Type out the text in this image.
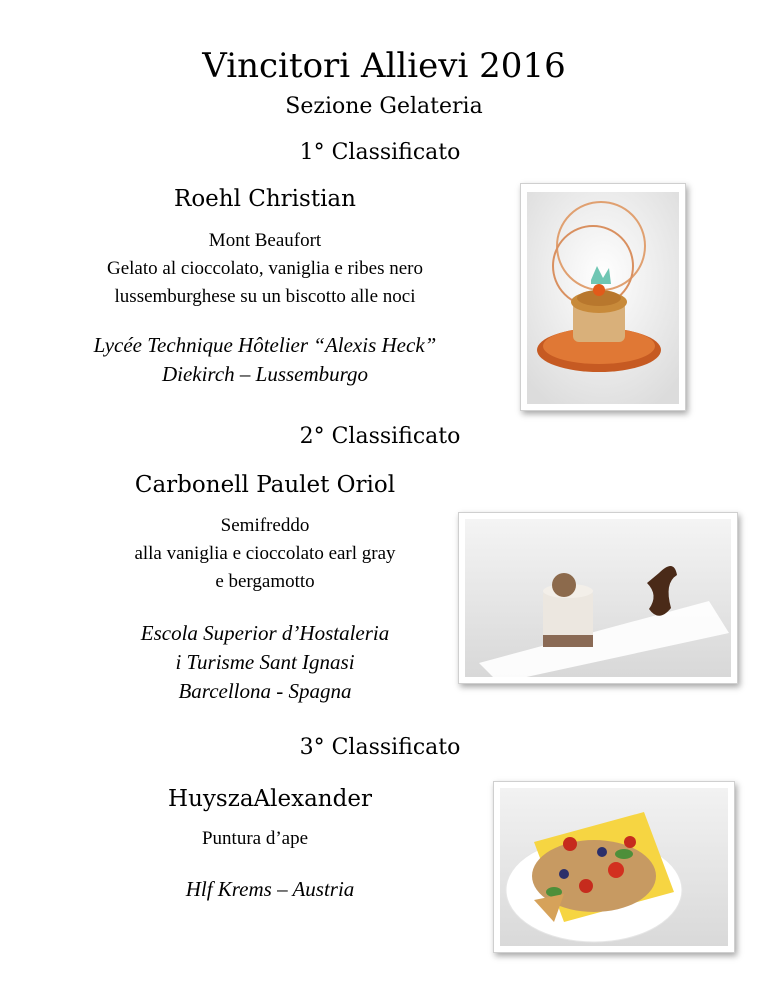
Vincitori Allievi 2016
Sezione Gelateria
1° Classificato
Roehl Christian
Mont Beaufort
Gelato al cioccolato, vaniglia e ribes nero
lussemburghese su un biscotto alle noci
Lycée Technique Hôtelier “Alexis Heck”
Diekirch – Lussemburgo
2° Classificato
Carbonell Paulet Oriol
Semifreddo
alla vaniglia e cioccolato earl gray
e bergamotto
Escola Superior d’Hostaleria
i Turisme Sant Ignasi
Barcellona - Spagna
3° Classificato
HuyszaAlexander
Puntura d’ape
Hlf Krems – Austria
